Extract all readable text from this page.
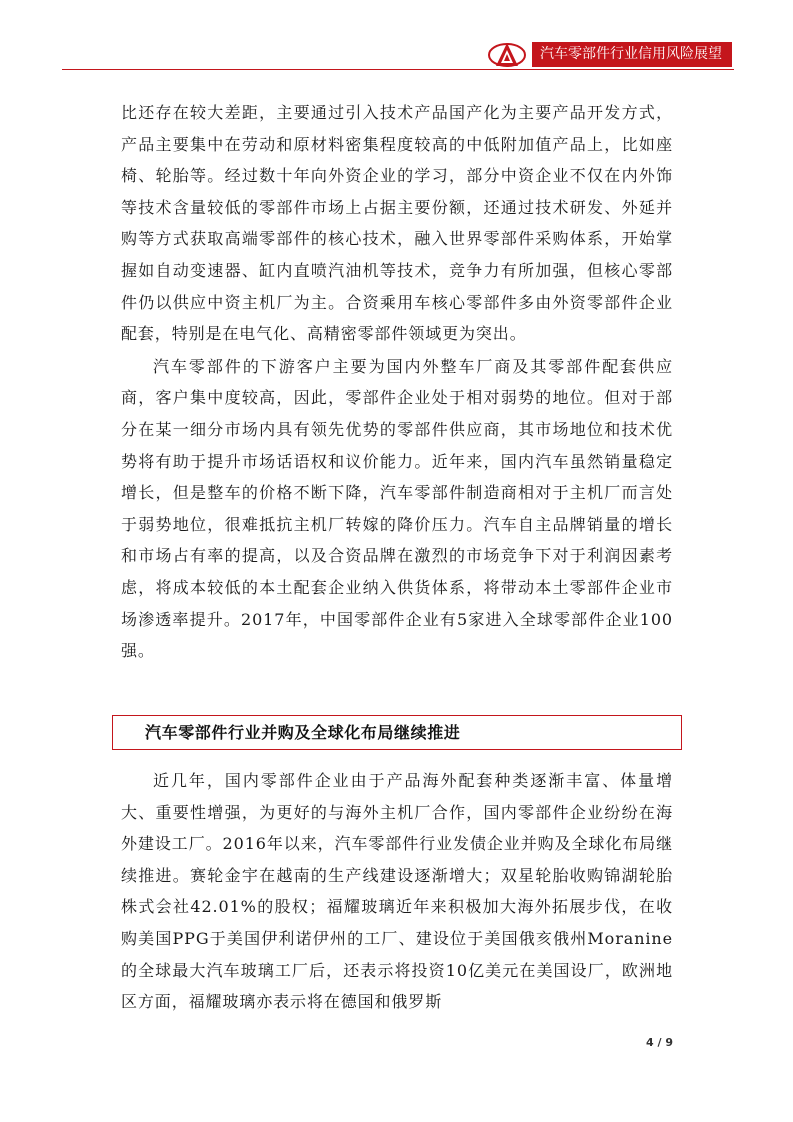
汽车零部件行业信用风险展望

比还存在较大差距，主要通过引入技术产品国产化为主要产品开发方式，产品主要集中在劳动和原材料密集程度较高的中低附加值产品上，比如座椅、轮胎等。经过数十年向外资企业的学习，部分中资企业不仅在内外饰等技术含量较低的零部件市场上占据主要份额，还通过技术研发、外延并购等方式获取高端零部件的核心技术，融入世界零部件采购体系，开始掌握如自动变速器、缸内直喷汽油机等技术，竞争力有所加强，但核心零部件仍以供应中资主机厂为主。合资乘用车核心零部件多由外资零部件企业配套，特别是在电气化、高精密零部件领域更为突出。

汽车零部件的下游客户主要为国内外整车厂商及其零部件配套供应商，客户集中度较高，因此，零部件企业处于相对弱势的地位。但对于部分在某一细分市场内具有领先优势的零部件供应商，其市场地位和技术优势将有助于提升市场话语权和议价能力。近年来，国内汽车虽然销量稳定增长，但是整车的价格不断下降，汽车零部件制造商相对于主机厂而言处于弱势地位，很难抵抗主机厂转嫁的降价压力。汽车自主品牌销量的增长和市场占有率的提高，以及合资品牌在激烈的市场竞争下对于利润因素考虑，将成本较低的本土配套企业纳入供货体系，将带动本土零部件企业市场渗透率提升。2017年，中国零部件企业有5家进入全球零部件企业100强。

汽车零部件行业并购及全球化布局继续推进

近几年，国内零部件企业由于产品海外配套种类逐渐丰富、体量增大、重要性增强，为更好的与海外主机厂合作，国内零部件企业纷纷在海外建设工厂。2016年以来，汽车零部件行业发债企业并购及全球化布局继续推进。赛轮金宇在越南的生产线建设逐渐增大；双星轮胎收购锦湖轮胎株式会社42.01%的股权；福耀玻璃近年来积极加大海外拓展步伐，在收购美国PPG于美国伊利诺伊州的工厂、建设位于美国俄亥俄州Moranine的全球最大汽车玻璃工厂后，还表示将投资10亿美元在美国设厂，欧洲地区方面，福耀玻璃亦表示将在德国和俄罗斯

4 / 9
